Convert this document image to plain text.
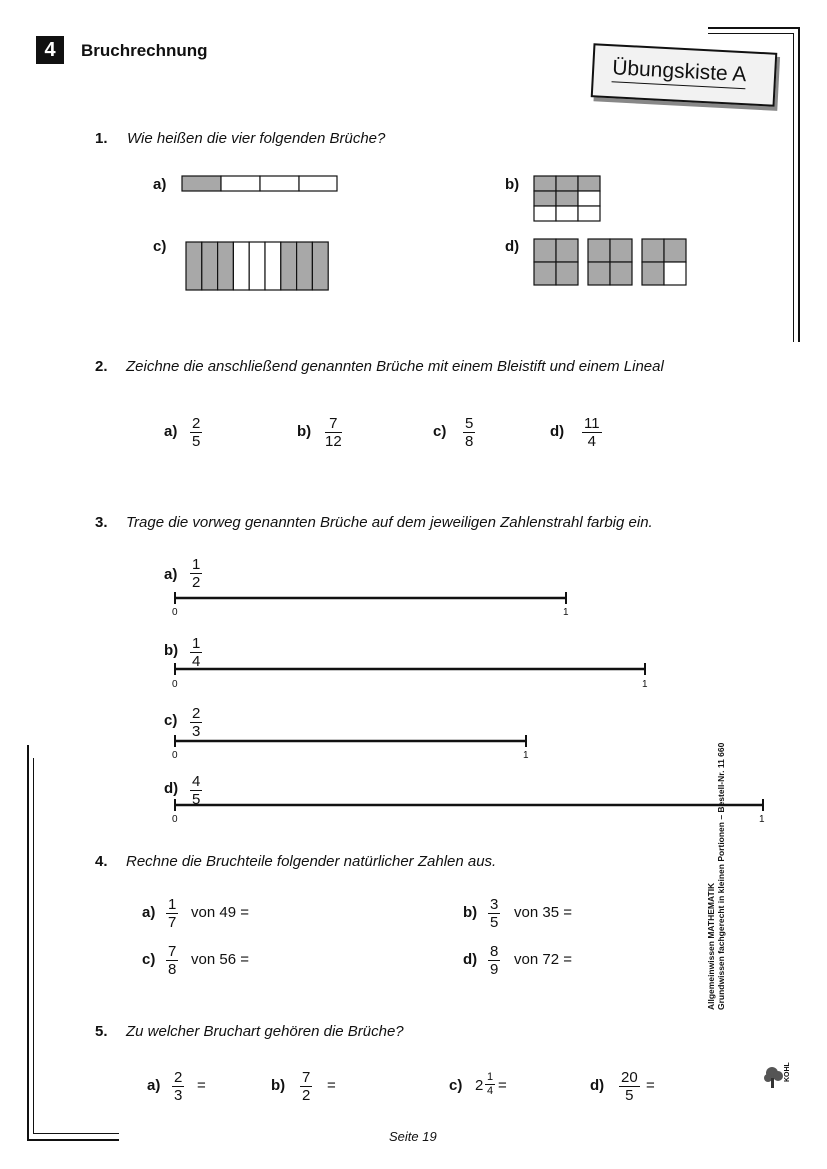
4	Bruchrechnung
Übungskiste A
1. Wie heißen die vier folgenden Brüche?
a)	b)
c)	d)
2. Zeichne die anschließend genannten Brüche mit einem Bleistift und einem Lineal
$a) \frac{2}{5}$	$b) \frac{7}{12}$	$c) \frac{5}{8}$	$d) \frac{11}{4}$
3. Trage die vorweg genannten Brüche auf dem jeweiligen Zahlenstrahl farbig ein.
$a) \frac{1}{2}$
0	1
$b) \frac{1}{4}$
0	1
$c) \frac{2}{3}$
0	1
$d) \frac{4}{5}$
0	1
4. Rechne die Bruchteile folgender natürlicher Zahlen aus.
$a) \frac{1}{7}$ von 49 =	$b) \frac{3}{5}$ von 35 =
$c) \frac{7}{8}$ von 56 =	$d) \frac{8}{9}$ von 72 =
5. Zu welcher Bruchart gehören die Brüche?
$a) \frac{2}{3}$ =	$b) \frac{7}{2}$ =	c) $2 \frac{1}{4}$ =	$d) \frac{20}{5}$ =
Seite 19
Allgemeinwissen MATHEMATIK Grundwissen fachgerecht in kleinen Portionen – Bestell-Nr. 11 660
KOHL
